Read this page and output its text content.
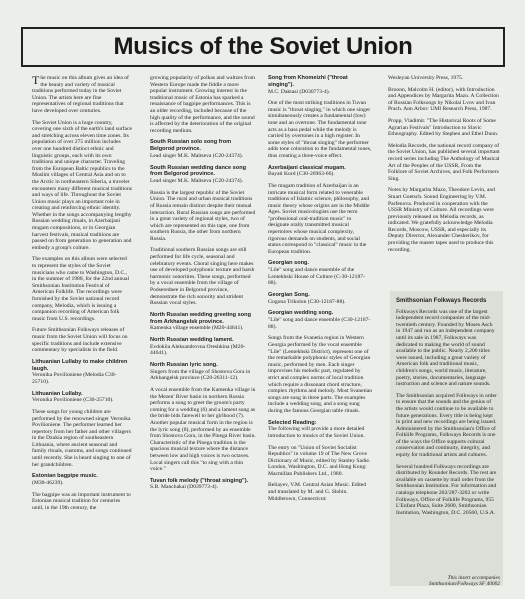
Musics of the Soviet Union

The music on this album gives an idea of the beauty and variety of musical traditions performed today in the Soviet Union. The artists here are fine representatives of regional traditions that have developed over centuries.

The Soviet Union is a huge country, covering one sixth of the earth's land surface and stretching across eleven time zones. Its population of over 275 million includes over one hundred distinct ethnic and linguistic groups, each with its own traditions and unique character. Traveling from the European Baltic republics to the Muslim villages of Central Asia and on to the Arctic in northeastern Siberia, a traveler encounters many different musical traditions and ways of life. Throughout the Soviet Union music plays an important role in creating and reinforcing ethnic identity. Whether in the songs accompanying lengthy Russian wedding rituals, in Azerbaijani mugam compositions, or in Georgian harvest festivals, musical traditions are passed on from generation to generation and embody a group's culture.

The examples on this album were selected to represent the styles of the Soviet musicians who came to Washington, D.C., in the summer of 1988, for the 22nd annual Smithsonian Institution Festival of American Folklife. The recordings were furnished by the Soviet national record company, Melodia, which is issuing a companion recording of American folk music from U.S. recordings.

Future Smithsonian Folkways releases of music from the Soviet Union will focus on specific traditions and include extensive commentary by specialists in the field.

Lithuanian Lullaby to make children laugh.

Veronika Povilioniene (Melodia C30-25710).

Lithuanian Lullaby.

Veronika Povilioniene (C30-25710).

These songs for young children are performed by the renowned singer Veronika Povilioniene. The performer learned her repertory from her father and other villagers in the Dzukia region of southeastern Lithuania, where ancient seasonal and family rituals, customs, and songs continued until recently. She is heard singing to one of her grandchildren.

Estonian bagpipe music.

(M30-46239).

The bagpipe was an important instrument to Estonian musical tradition for centuries until, in the 19th century, the

growing popularity of polkas and waltzes from Western Europe made the fiddle a more popular instrument. Growing interest in the traditional music of Estonia has sparked a renaissance of bagpipe performances. This is an older recording, included because of the high quality of the performance, and the sound is affected by the deterioration of the original recording medium.

South Russian solo song from Belgorod province.

Lead singer M.K. Maltseva (C20-24374).

South Russian wedding dance song from Belgorod province.

Lead singer M.K. Maltseva (C20-24374).

Russia is the largest republic of the Soviet Union. The rural and urban musical traditions of Russia remain distinct despite their mutual interaction. Rural Russian songs are performed in a great variety of regional styles, two of which are represented on this tape, one from southern Russia, the other from northern Russia.

Traditional southern Russian songs are still performed for life cycle, seasonal and celebratory events. Choral singing here makes use of developed polyphonic texture and harsh harmonic sonorities. These songs, performed by a vocal ensemble from the village of Podserednee in Belgorod province, demonstrate the rich sonority and strident Russian vocal styles.

North Russian wedding greeting song from Arkhangelsk province.

Kamenka village ensemble (M20-44641).

North Russian wedding lament.

Evdokiia Aleksandrovna Oreshkina (M20-44641).

North Russian lyric song.

Singers from the village of Shostova Gora in Arkhangelsk province (C20-26311-12).

A vocal ensemble from the Kamenka village in the Mezen' River basin in northern Russia performs a song to greet the groom's party coming for a wedding (6) and a lament sung as the bride bids farewell to her girlhood (7). Another popular musical form in the region is the lyric song (8), performed by an ensemble from Shostova Gora, in the Pinega River basin. Characteristic of the Pinega tradition is the spacious musical texture where the distance between low and high voices is two octaves. Local singers call this "to sing with a thin voice."

Tuvan folk melody ("throat singing").

S.B. Manchakai (D039773-4).

Song from Khomeizhi ("throat singing").

M.C. Daktasi (D030773-4).

One of the most striking traditions in Tuvan music is "throat singing," in which one singer simultaneously creates a fundamental (low) tone and an overtone. The fundamental tone acts as a bass pedal while the melody is carried by overtones in a high register. In some styles of "throat singing" the performer adds tone coloration to the fundamental tones, thus creating a three-voice effect.

Azerbaijani classical mugam.

Bayati Kurd (C30-26963-66).

The mugam tradition of Azerbaijan is an intricate musical form related to venerable traditions of Islamic science, philosophy, and music theory whose origins are in the Middle Ages. Soviet musicologists use the term "professional oral-tradition music" to designate orally transmitted musical repertoires whose musical complexity, rigorous demands on students, and social status correspond to "classical" music in the European tradition.

Georgian song.

"Lile" song and dance ensemble of the Lentekhski House of Culture (C-30-12187-88).

Georgian Song.

Gogona Trikolon (C30-12187-88).

Georgian wedding song.

"Lile" song and dance ensemble (C30-12187-88).

Songs from the Svanetia region in Western Georgia performed by the vocal ensemble "Lile" (Lentekhski District), represent one of the remarkable polyphonic styles of Georgian music, performed by men. Each singer improvises his melodic part, regulated by strict and complex norms of local tradition which require a dissonant chord structure, complex rhythms and melody. Most Svanetian songs are sung in three parts. The examples include a wedding song, and a song sung during the famous Georgian table rituals.

Selected Reading:

The following will provide a more detailed introduction to musics of the Soviet Union.

The entry on "Union of Soviet Socialist Republics" in volume 19 of The New Grove Dictionary of Music, edited by Stanley Sadie. London, Washington, D.C. and Hong Kong: Macmillan Publishers Ltd., 1980.

Beliayev, V.M. Central Asian Music. Edited and translated by M. and G. Slobin. Middletown, Connecticut:

Wesleyan University Press, 1975.

Broonn, Malcolm H. (editor), with Introduction and Appendices by Margarita Mazo. A Collection of Russian Folksongs by Nikolai Lvov and Ivan Prach. Ann Arbor: UMI Research Press, 1987.

Propp, Vladimir. "The Historical Roots of Some Agrarian Festivals" Introduction to Slavic Ethnography. Edited by Stephen and Ethel Dunn.

Melodia Records, the national record company of the Soviet Union, has published several important record series including The Anthology of Musical Art of the Peoples of the USSR, From the Folklore of Soviet Archives, and Folk Performers Sing.

Notes by Margarita Mazo, Theodore Levin, and Stuart Goetsch. Sound Engineering by V.M. Parfenova. Produced in cooperation with the USSR Ministry of Culture. All recordings were previously released on Melodia records, as indicated. We gratefully acknowledge Melodia Records, Moscow, USSR, and especially its Deputy Director, Alexander Chesherikov, for providing the master tapes used to produce this recording.

Smithsonian Folkways Records

Folkways Records was one of the largest independent record companies of the mid-twentieth century. Founded by Moses Asch in 1947 and run as an independent company until its sale in 1987, Folkways was dedicated to making the world of sound available to the public. Nearly 2,200 titles were issued, including a great variety of American folk and traditional music, children's songs, world music, literature, poetry, stories, documentaries, language instruction and science and nature sounds.

The Smithsonian acquired Folkways in order to ensure that the sounds and the genius of the artists would continue to be available to future generations. Every title is being kept in print and new recordings are being issued. Administered by the Smithsonian's Office of Folklife Programs, Folkways Records is one of the ways the Office supports cultural conservation and continuity, integrity, and equity for traditional artists and cultures.

Several hundred Folkways recordings are distributed by Rounder Records. The rest are available on cassette by mail order from the Smithsonian Institution. For information and catalogs telephone 202/287-3262 or write Folkways, Office of Folklife Programs, 955 L'Enfant Plaza, Suite 2600, Smithsonian Institution, Washington, D.C. 20560, U.S.A.

This insert accompanies
Smithsonian/Folkways SF 40002
